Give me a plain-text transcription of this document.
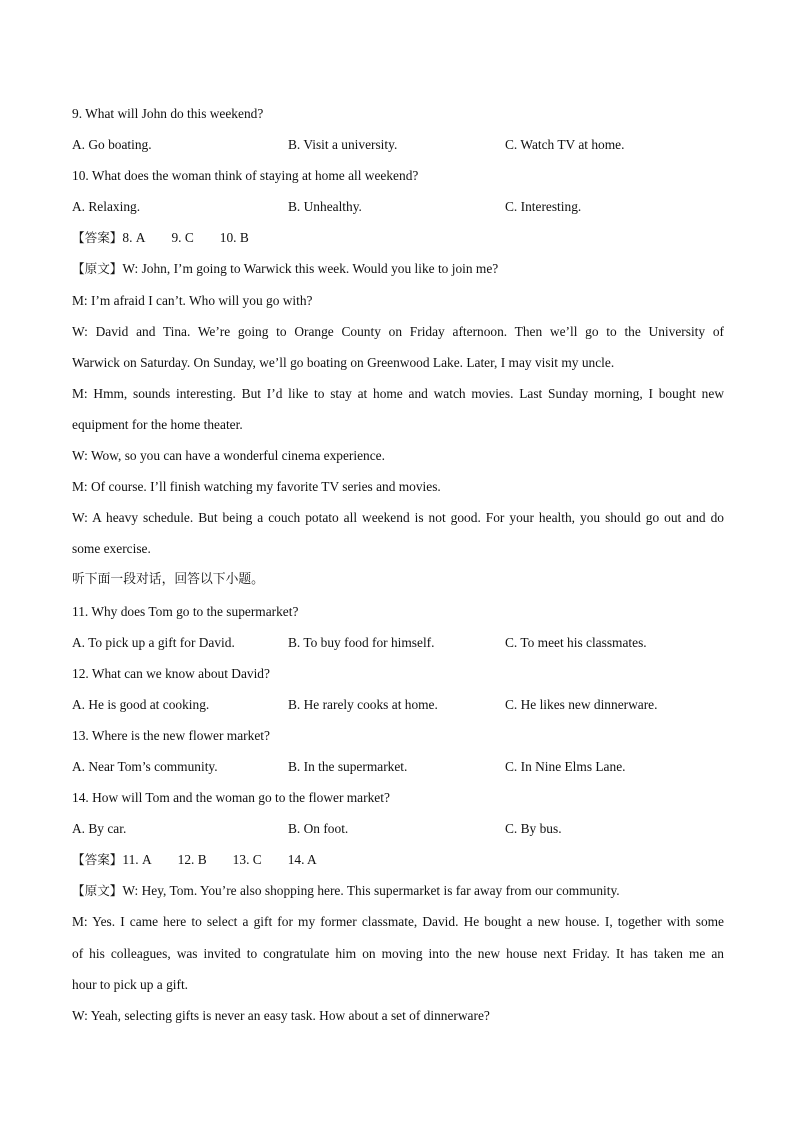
9. What will John do this weekend?
A. Go boating.	B. Visit a university.	C. Watch TV at home.
10. What does the woman think of staying at home all weekend?
A. Relaxing.	B. Unhealthy.	C. Interesting.
【答案】8. A 9. C 10. B
【原文】W: John, I’m going to Warwick this week. Would you like to join me?
M: I’m afraid I can’t. Who will you go with?
W: David and Tina. We’re going to Orange County on Friday afternoon. Then we’ll go to the University of
Warwick on Saturday. On Sunday, we’ll go boating on Greenwood Lake. Later, I may visit my uncle.
M: Hmm, sounds interesting. But I’d like to stay at home and watch movies. Last Sunday morning, I bought new
equipment for the home theater.
W: Wow, so you can have a wonderful cinema experience.
M: Of course. I’ll finish watching my favorite TV series and movies.
W: A heavy schedule. But being a couch potato all weekend is not good. For your health, you should go out and do
some exercise.
听下面一段对话，回答以下小题。
11. Why does Tom go to the supermarket?
A. To pick up a gift for David.	B. To buy food for himself.	C. To meet his classmates.
12. What can we know about David?
A. He is good at cooking.	B. He rarely cooks at home.	C. He likes new dinnerware.
13. Where is the new flower market?
A. Near Tom’s community.	B. In the supermarket.	C. In Nine Elms Lane.
14. How will Tom and the woman go to the flower market?
A. By car.	B. On foot.	C. By bus.
【答案】11. A 12. B 13. C 14. A
【原文】W: Hey, Tom. You’re also shopping here. This supermarket is far away from our community.
M: Yes. I came here to select a gift for my former classmate, David. He bought a new house. I, together with some
of his colleagues, was invited to congratulate him on moving into the new house next Friday. It has taken me an
hour to pick up a gift.
W: Yeah, selecting gifts is never an easy task. How about a set of dinnerware?
